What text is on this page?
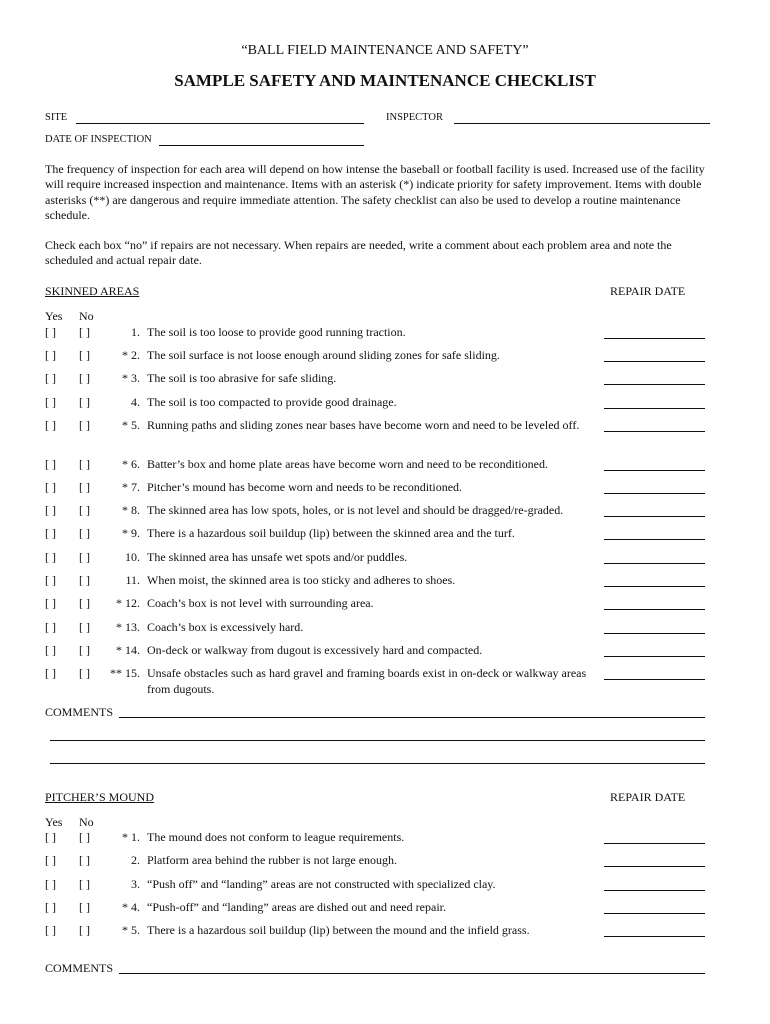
“BALL FIELD MAINTENANCE AND SAFETY”
SAMPLE SAFETY AND MAINTENANCE CHECKLIST
SITE	INSPECTOR
DATE OF INSPECTION
The frequency of inspection for each area will depend on how intense the baseball or football facility is used. Increased use of the facility will require increased inspection and maintenance. Items with an asterisk (*) indicate priority for safety improvement. Items with double asterisks (**) are dangerous and require immediate attention. The safety checklist can also be used to develop a routine maintenance schedule.
Check each box “no” if repairs are not necessary. When repairs are needed, write a comment about each problem area and note the scheduled and actual repair date.
SKINNED AREAS	REPAIR DATE
Yes No
[ ] [ ]	1. The soil is too loose to provide good running traction.
[ ] [ ]	* 2. The soil surface is not loose enough around sliding zones for safe sliding.
[ ] [ ]	* 3. The soil is too abrasive for safe sliding.
[ ] [ ]	4. The soil is too compacted to provide good drainage.
[ ] [ ]	* 5. Running paths and sliding zones near bases have become worn and need to be leveled off.
[ ] [ ]	* 6. Batter’s box and home plate areas have become worn and need to be reconditioned.
[ ] [ ]	* 7. Pitcher’s mound has become worn and needs to be reconditioned.
[ ] [ ]	* 8. The skinned area has low spots, holes, or is not level and should be dragged/re-graded.
[ ] [ ]	* 9. There is a hazardous soil buildup (lip) between the skinned area and the turf.
[ ] [ ]	10. The skinned area has unsafe wet spots and/or puddles.
[ ] [ ]	11. When moist, the skinned area is too sticky and adheres to shoes.
[ ] [ ]	* 12. Coach’s box is not level with surrounding area.
[ ] [ ]	* 13. Coach’s box is excessively hard.
[ ] [ ]	* 14. On-deck or walkway from dugout is excessively hard and compacted.
[ ] [ ]	** 15. Unsafe obstacles such as hard gravel and framing boards exist in on-deck or walkway areas from dugouts.
COMMENTS
PITCHER’S MOUND	REPAIR DATE
Yes No
[ ] [ ]	* 1. The mound does not conform to league requirements.
[ ] [ ]	2. Platform area behind the rubber is not large enough.
[ ] [ ]	3. “Push off” and “landing” areas are not constructed with specialized clay.
[ ] [ ]	* 4. “Push-off” and “landing” areas are dished out and need repair.
[ ] [ ]	* 5. There is a hazardous soil buildup (lip) between the mound and the infield grass.
COMMENTS
